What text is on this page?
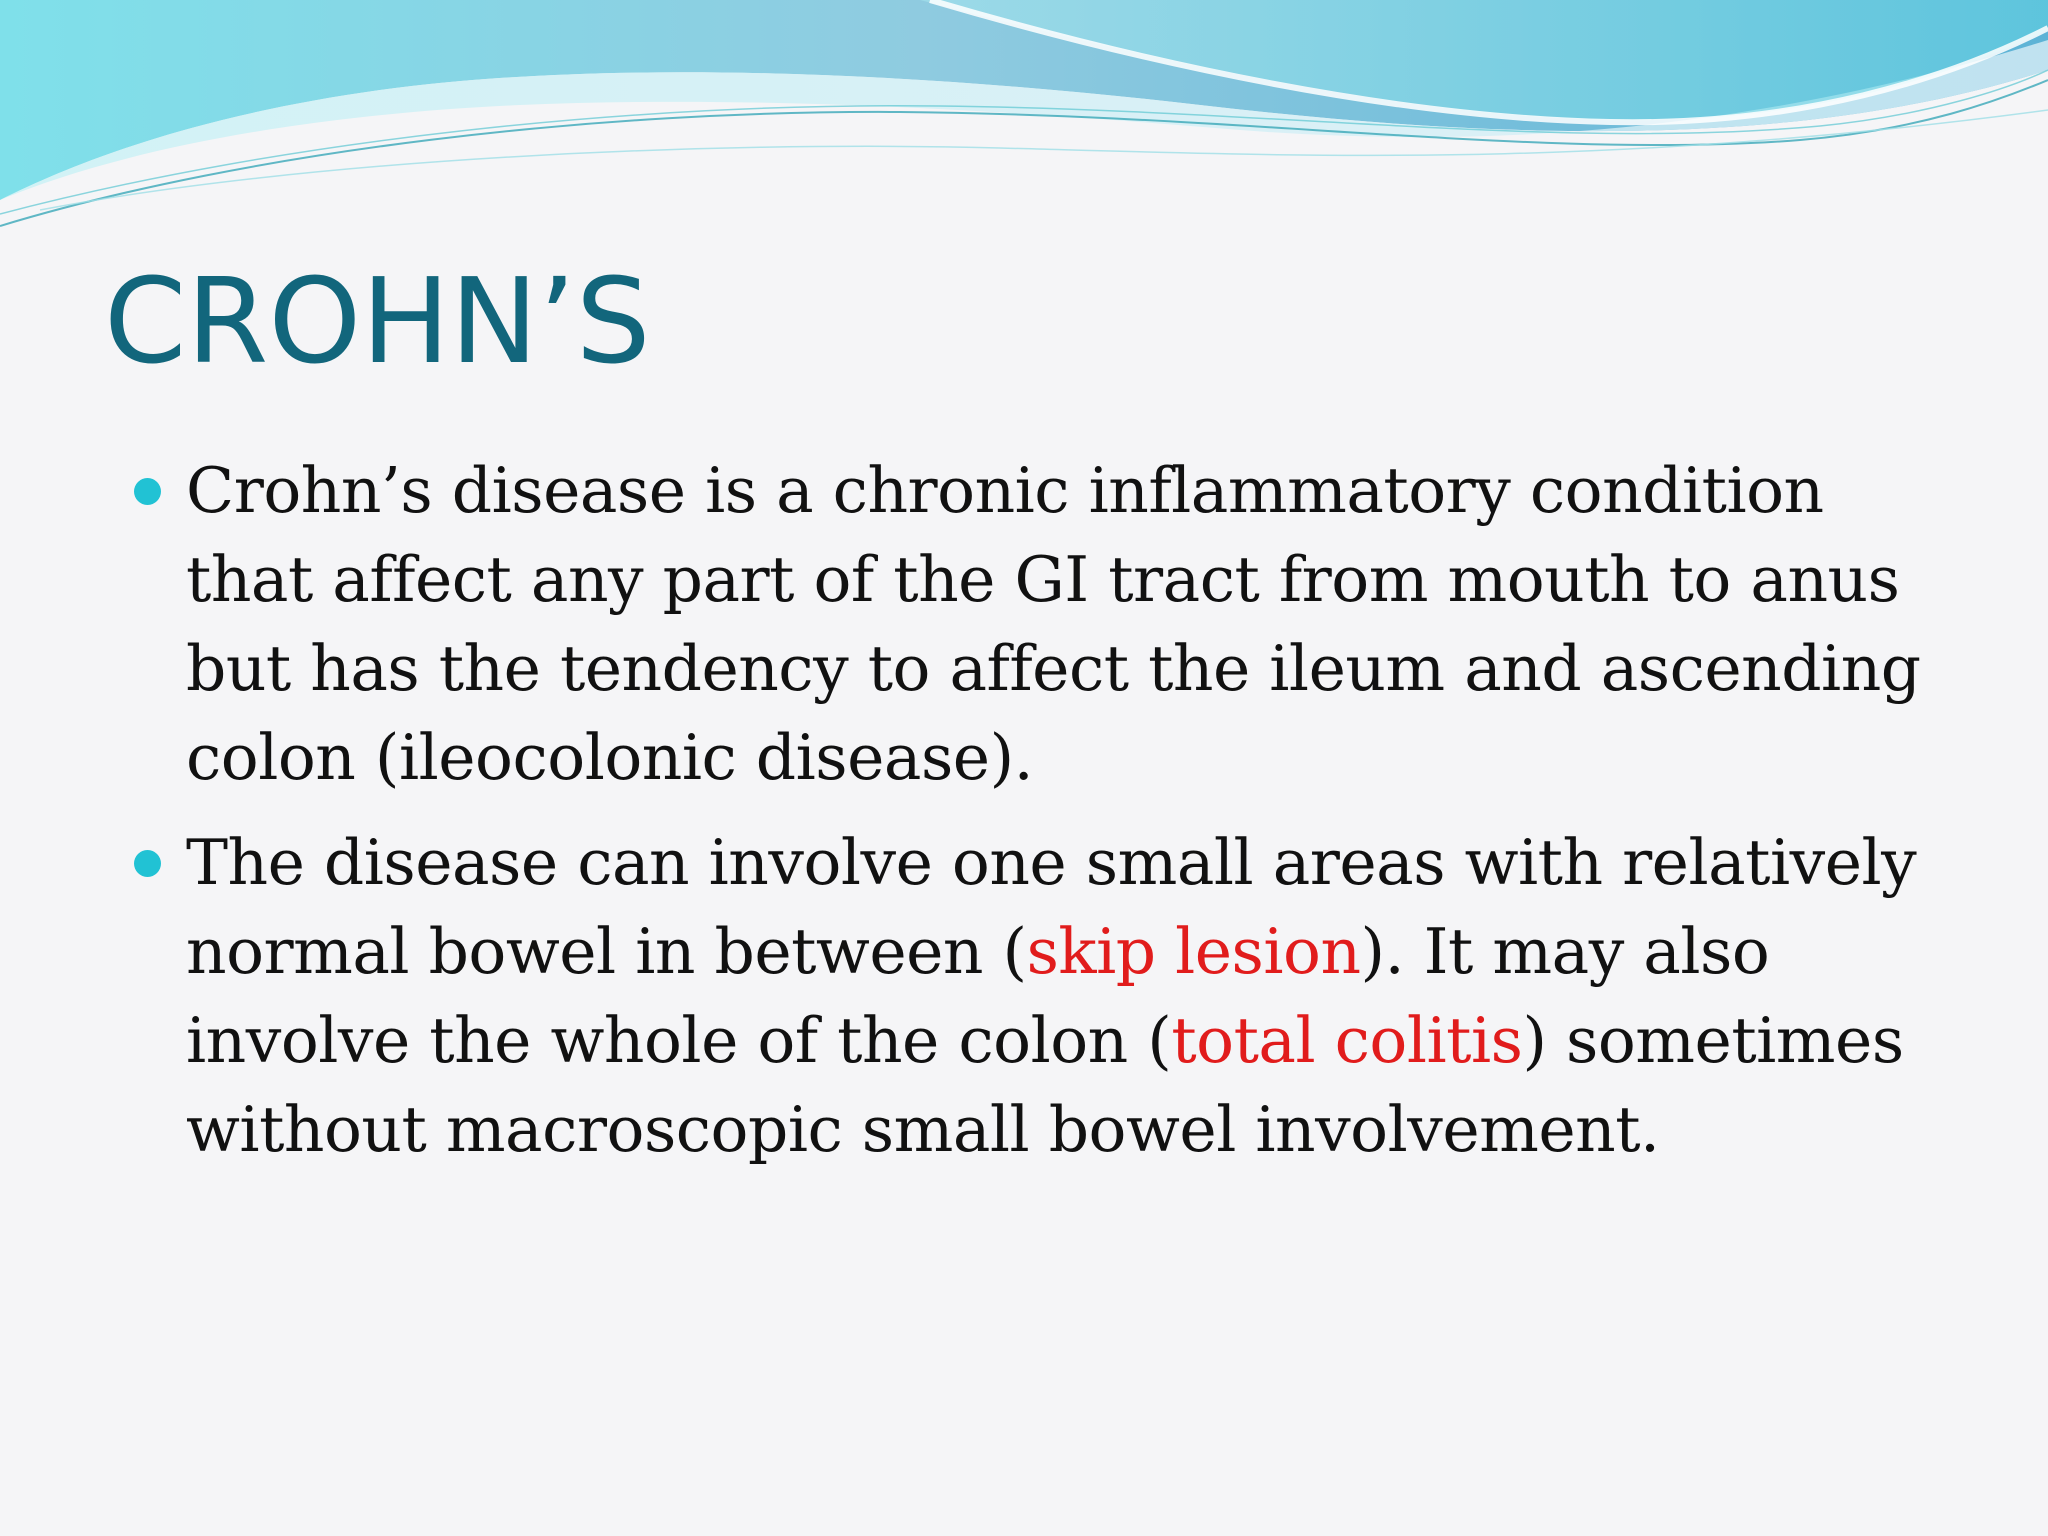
CROHN’S
Crohn’s disease is a chronic inflammatory condition
that affect any part of the GI tract from mouth to anus
but has the tendency to affect the ileum and ascending
colon (ileocolonic disease).
The disease can involve one small areas with relatively
normal bowel in between (skip lesion). It may also
involve the whole of the colon (total colitis) sometimes
without macroscopic small bowel involvement.
